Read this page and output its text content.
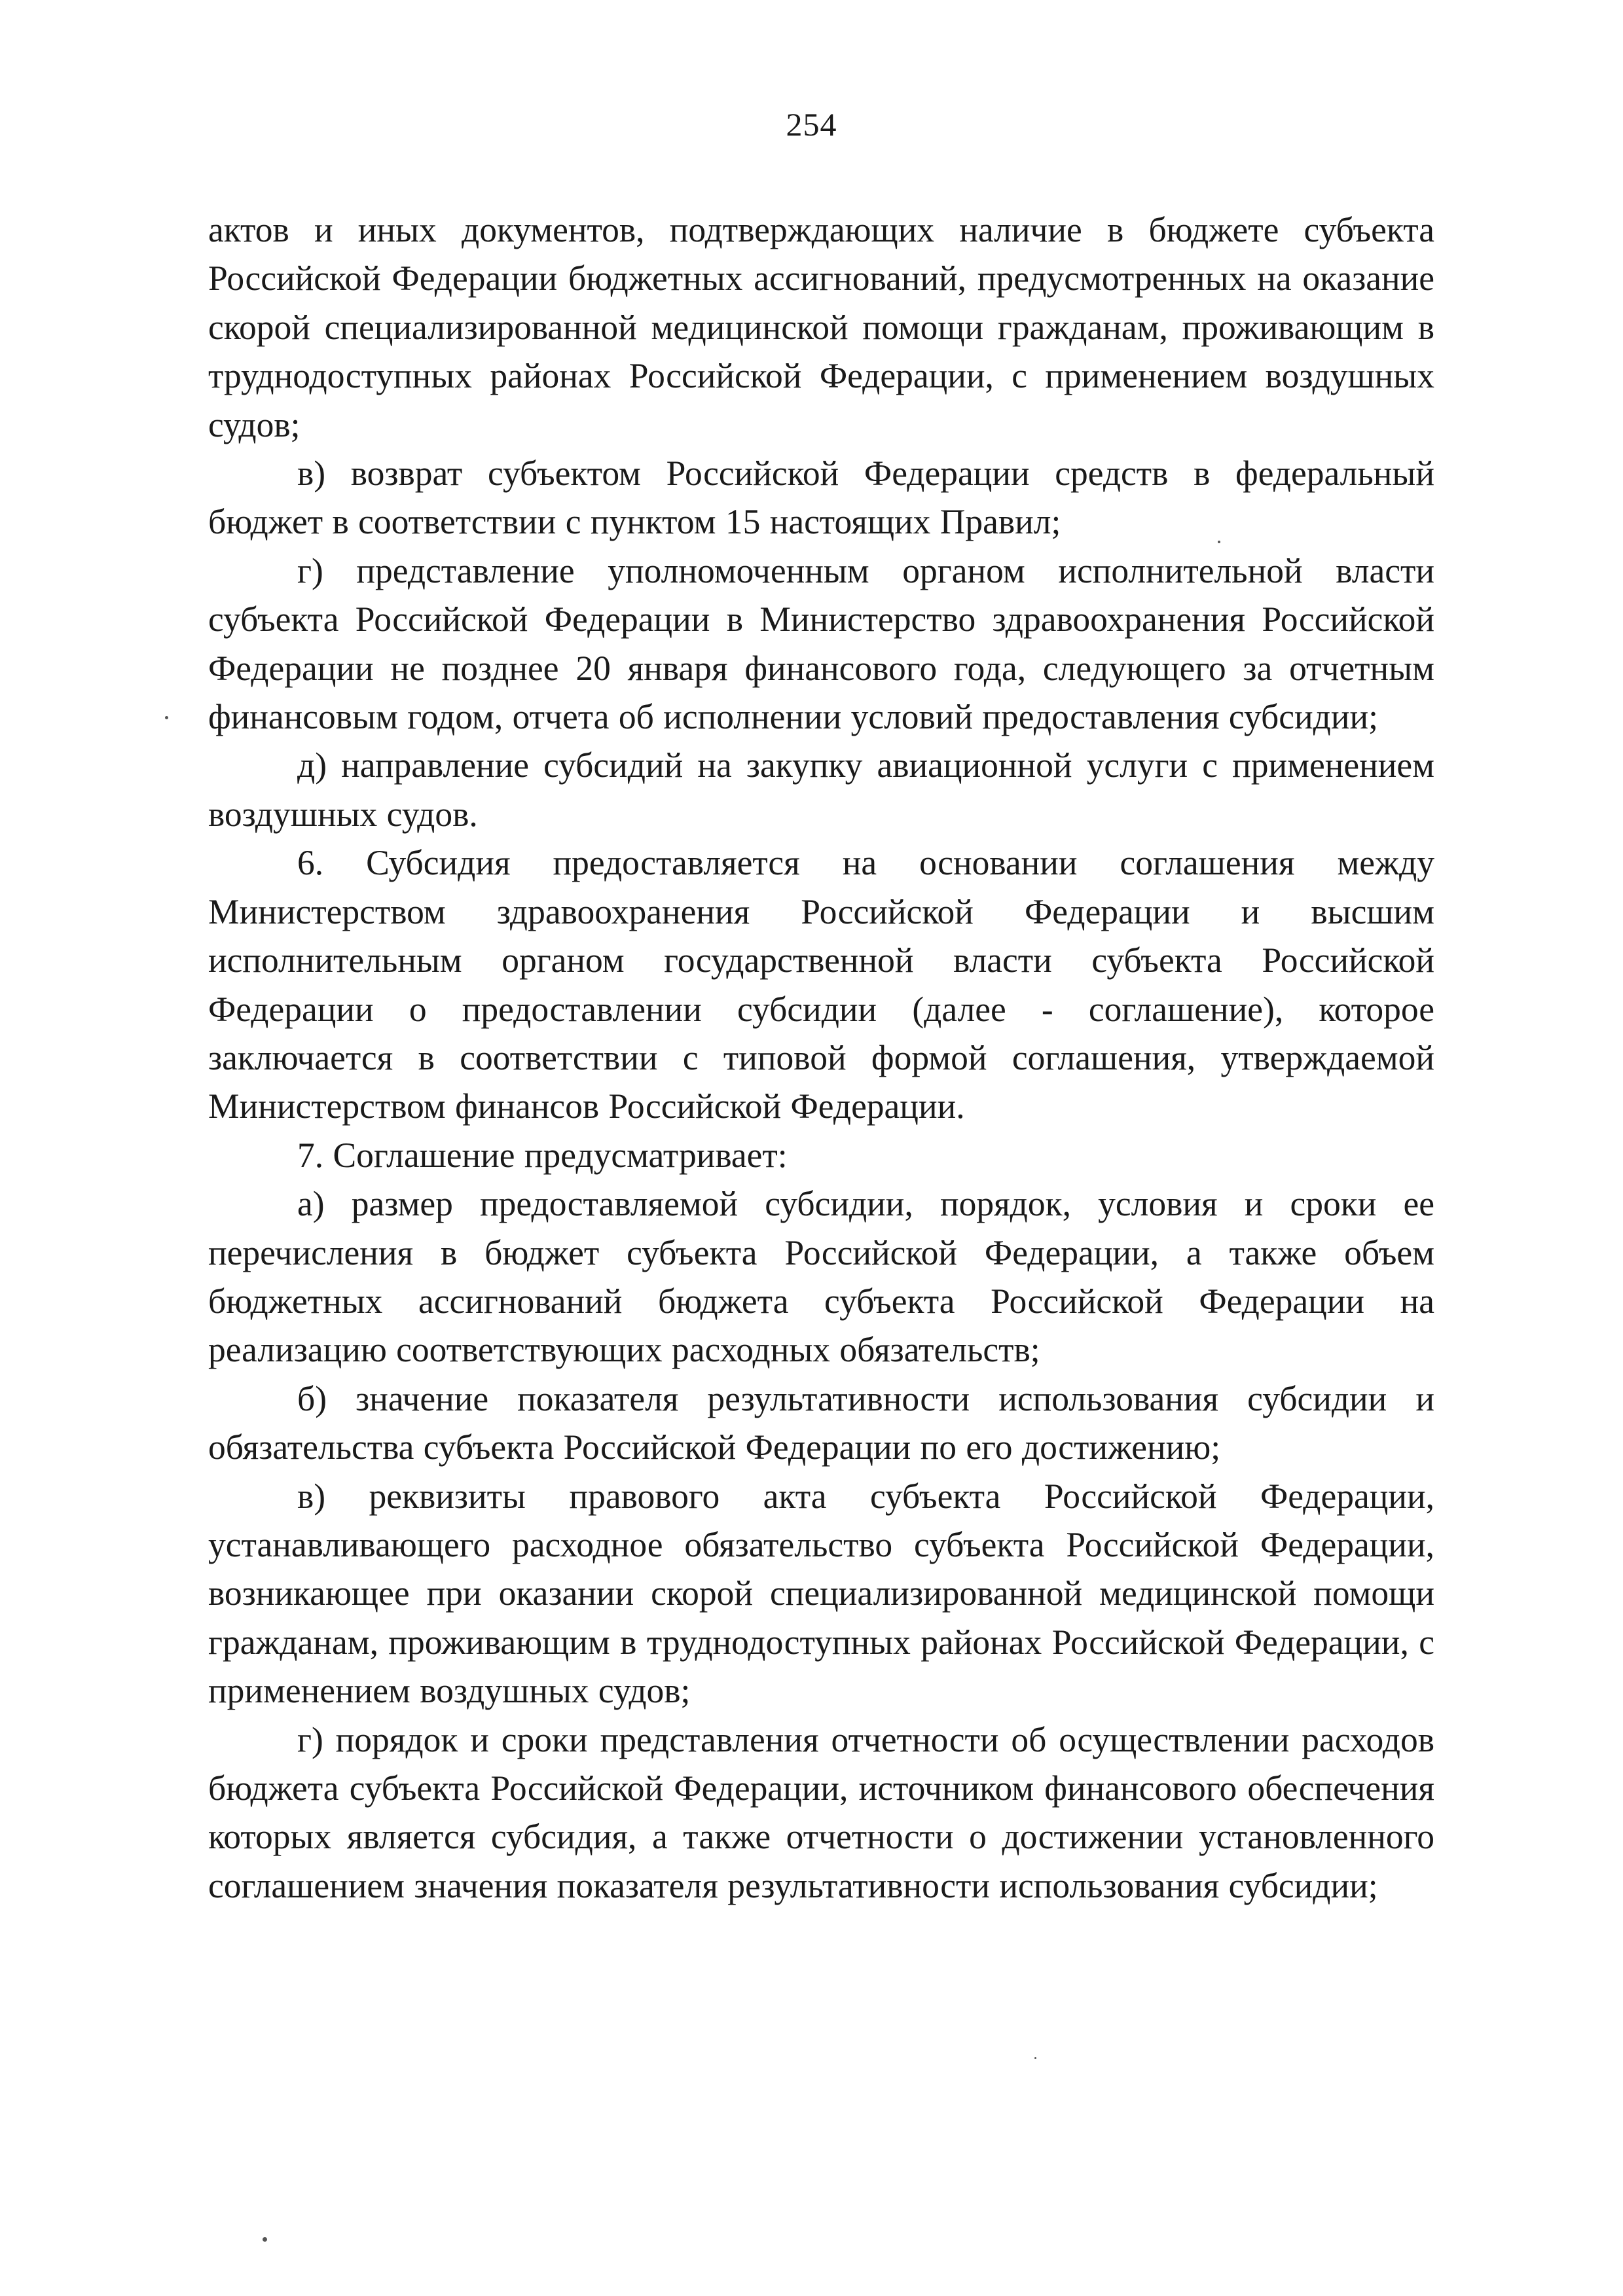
254

актов и иных документов, подтверждающих наличие в бюджете субъекта Российской Федерации бюджетных ассигнований, предусмотренных на оказание скорой специализированной медицинской помощи гражданам, проживающим в труднодоступных районах Российской Федерации, с применением воздушных судов;

в) возврат субъектом Российской Федерации средств в федеральный бюджет в соответствии с пунктом 15 настоящих Правил;

г) представление уполномоченным органом исполнительной власти субъекта Российской Федерации в Министерство здравоохранения Российской Федерации не позднее 20 января финансового года, следующего за отчетным финансовым годом, отчета об исполнении условий предоставления субсидии;

д) направление субсидий на закупку авиационной услуги с применением воздушных судов.

6. Субсидия предоставляется на основании соглашения между Министерством здравоохранения Российской Федерации и высшим исполнительным органом государственной власти субъекта Российской Федерации о предоставлении субсидии (далее - соглашение), которое заключается в соответствии с типовой формой соглашения, утверждаемой Министерством финансов Российской Федерации.

7. Соглашение предусматривает:

а) размер предоставляемой субсидии, порядок, условия и сроки ее перечисления в бюджет субъекта Российской Федерации, а также объем бюджетных ассигнований бюджета субъекта Российской Федерации на реализацию соответствующих расходных обязательств;

б) значение показателя результативности использования субсидии и обязательства субъекта Российской Федерации по его достижению;

в) реквизиты правового акта субъекта Российской Федерации, устанавливающего расходное обязательство субъекта Российской Федерации, возникающее при оказании скорой специализированной медицинской помощи гражданам, проживающим в труднодоступных районах Российской Федерации, с применением воздушных судов;

г) порядок и сроки представления отчетности об осуществлении расходов бюджета субъекта Российской Федерации, источником финансового обеспечения которых является субсидия, а также отчетности о достижении установленного соглашением значения показателя результативности использования субсидии;
